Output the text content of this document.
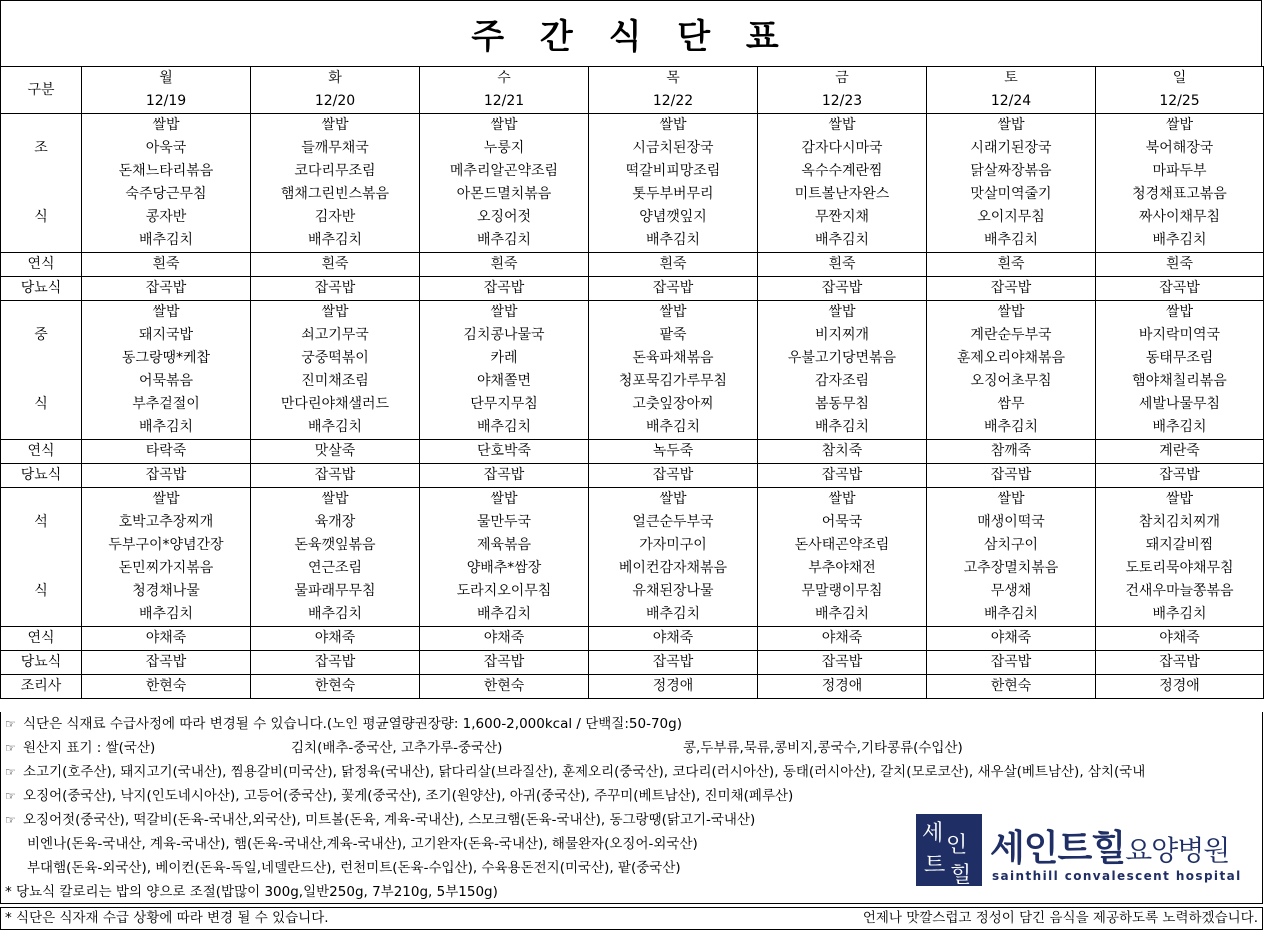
주 간 식 단 표
구분	월	화	수	목	금	토	일
	12/19	12/20	12/21	12/22	12/23	12/24	12/25
	쌀밥	쌀밥	쌀밥	쌀밥	쌀밥	쌀밥	쌀밥
조	아욱국	들깨무채국	누룽지	시금치된장국	감자다시마국	시래기된장국	북어해장국
	돈채느타리볶음	코다리무조림	메추리알곤약조림	떡갈비피망조림	옥수수계란찜	닭살짜장볶음	마파두부
	숙주당근무침	햄채그린빈스볶음	아몬드멸치볶음	톳두부버무리	미트볼난자완스	맛살미역줄기	청경채표고볶음
식	콩자반	김자반	오징어젓	양념깻잎지	무짠지채	오이지무침	짜사이채무침
	배추김치	배추김치	배추김치	배추김치	배추김치	배추김치	배추김치
연식	흰죽	흰죽	흰죽	흰죽	흰죽	흰죽	흰죽
당뇨식	잡곡밥	잡곡밥	잡곡밥	잡곡밥	잡곡밥	잡곡밥	잡곡밥
	쌀밥	쌀밥	쌀밥	쌀밥	쌀밥	쌀밥	쌀밥
중	돼지국밥	쇠고기무국	김치콩나물국	팥죽	비지찌개	계란순두부국	바지락미역국
	동그랑땡*케찹	궁중떡볶이	카레	돈육파채볶음	우불고기당면볶음	훈제오리야채볶음	동태무조림
	어묵볶음	진미채조림	야채쫄면	청포묵김가루무침	감자조림	오징어초무침	햄야채칠리볶음
식	부추겉절이	만다린야채샐러드	단무지무침	고춧잎장아찌	봄동무침	쌈무	세발나물무침
	배추김치	배추김치	배추김치	배추김치	배추김치	배추김치	배추김치
연식	타락죽	맛살죽	단호박죽	녹두죽	참치죽	참깨죽	계란죽
당뇨식	잡곡밥	잡곡밥	잡곡밥	잡곡밥	잡곡밥	잡곡밥	잡곡밥
	쌀밥	쌀밥	쌀밥	쌀밥	쌀밥	쌀밥	쌀밥
석	호박고추장찌개	육개장	물만두국	얼큰순두부국	어묵국	매생이떡국	참치김치찌개
	두부구이*양념간장	돈육깻잎볶음	제육볶음	가자미구이	돈사태곤약조림	삼치구이	돼지갈비찜
	돈민찌가지볶음	연근조림	양배추*쌈장	베이컨감자채볶음	부추야채전	고추장멸치볶음	도토리묵야채무침
식	청경채나물	물파래무무침	도라지오이무침	유채된장나물	무말랭이무침	무생채	건새우마늘쫑볶음
	배추김치	배추김치	배추김치	배추김치	배추김치	배추김치	배추김치
연식	야채죽	야채죽	야채죽	야채죽	야채죽	야채죽	야채죽
당뇨식	잡곡밥	잡곡밥	잡곡밥	잡곡밥	잡곡밥	잡곡밥	잡곡밥
조리사	한현숙	한현숙	한현숙	정경애	정경애	한현숙	정경애
☞ 식단은 식재료 수급사정에 따라 변경될 수 있습니다.(노인 평균열량권장량: 1,600-2,000kcal / 단백질:50-70g)
☞ 원산지 표기 : 쌀(국산)	김치(배추-중국산, 고추가루-중국산)	콩,두부류,묵류,콩비지,콩국수,기타콩류(수입산)
☞ 소고기(호주산), 돼지고기(국내산), 찜용갈비(미국산), 닭정육(국내산), 닭다리살(브라질산), 훈제오리(중국산), 코다리(러시아산), 동태(러시아산), 갈치(모로코산), 새우살(베트남산), 삼치(국내
☞ 오징어(중국산), 낙지(인도네시아산), 고등어(중국산), 꽃게(중국산), 조기(원양산), 아귀(중국산), 주꾸미(베트남산), 진미채(페루산)
☞ 오징어젓(중국산), 떡갈비(돈육-국내산,외국산), 미트볼(돈육, 계육-국내산), 스모크햄(돈육-국내산), 동그랑땡(닭고기-국내산)
비엔나(돈육-국내산, 계육-국내산), 햄(돈육-국내산,계육-국내산), 고기완자(돈육-국내산), 해물완자(오징어-외국산)
부대햄(돈육-외국산), 베이컨(돈육-독일,네델란드산), 런천미트(돈육-수입산), 수육용돈전지(미국산), 팥(중국산)
* 당뇨식 칼로리는 밥의 양으로 조절(밥많이 300g,일반250g, 7부210g, 5부150g)
* 식단은 식자재 수급 상황에 따라 변경 될 수 있습니다.	언제나 맛깔스럽고 정성이 담긴 음식을 제공하도록 노력하겠습니다.
세 인
트 힐
세인트힐요양병원
sainthill convalescent hospital
